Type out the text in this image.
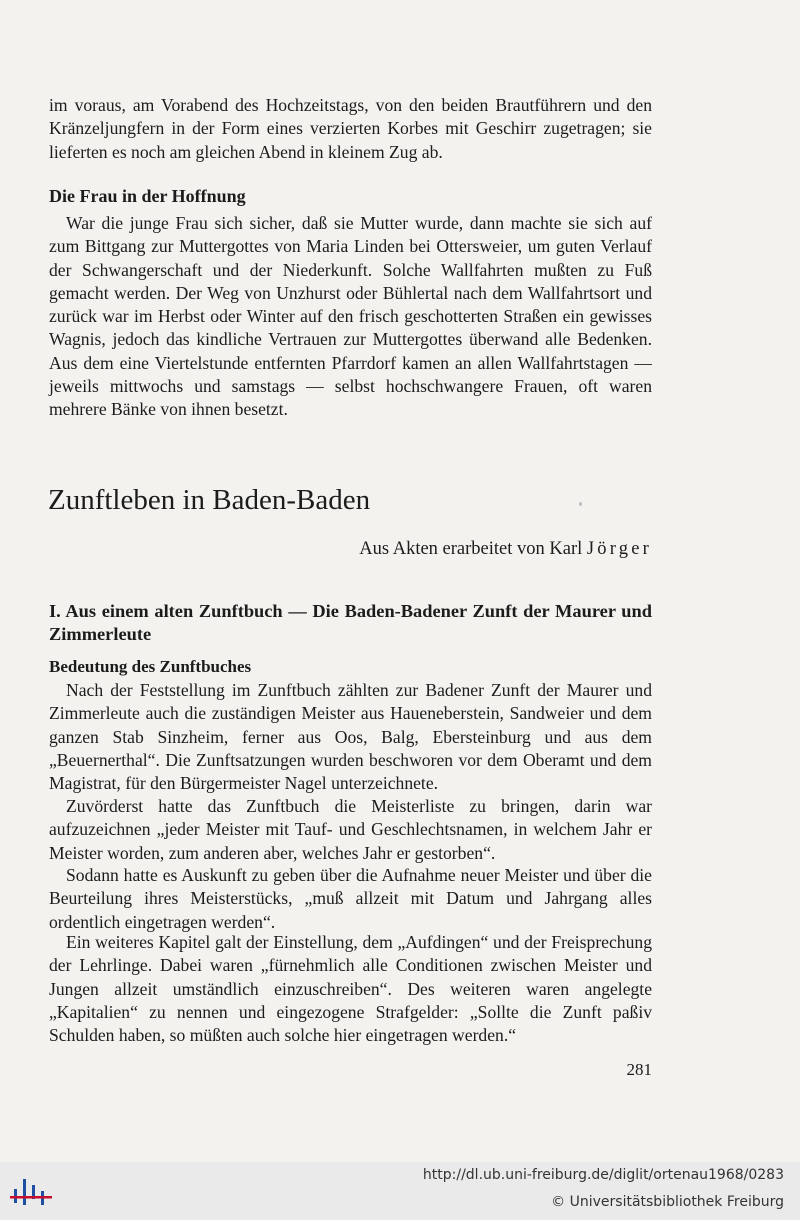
im voraus, am Vorabend des Hochzeitstags, von den beiden Brautführern und den Kränzeljungfern in der Form eines verzierten Korbes mit Geschirr zugetragen; sie lieferten es noch am gleichen Abend in kleinem Zug ab.

Die Frau in der Hoffnung

War die junge Frau sich sicher, daß sie Mutter wurde, dann machte sie sich auf zum Bittgang zur Muttergottes von Maria Linden bei Ottersweier, um guten Verlauf der Schwangerschaft und der Niederkunft. Solche Wallfahrten mußten zu Fuß gemacht werden. Der Weg von Unzhurst oder Bühlertal nach dem Wallfahrtsort und zurück war im Herbst oder Winter auf den frisch geschotterten Straßen ein gewisses Wagnis, jedoch das kindliche Vertrauen zur Muttergottes überwand alle Bedenken. Aus dem eine Viertelstunde entfernten Pfarrdorf kamen an allen Wallfahrtstagen — jeweils mittwochs und samstags — selbst hochschwangere Frauen, oft waren mehrere Bänke von ihnen besetzt.

Zunftleben in Baden-Baden
Aus Akten erarbeitet von Karl Jörger
I. Aus einem alten Zunftbuch — Die Baden-Badener Zunft der Maurer und Zimmerleute
Bedeutung des Zunftbuches

Nach der Feststellung im Zunftbuch zählten zur Badener Zunft der Maurer und Zimmerleute auch die zuständigen Meister aus Haueneberstein, Sandweier und dem ganzen Stab Sinzheim, ferner aus Oos, Balg, Ebersteinburg und aus dem „Beuernerthal“. Die Zunftsatzungen wurden beschworen vor dem Oberamt und dem Magistrat, für den Bürgermeister Nagel unterzeichnete.

Zuvörderst hatte das Zunftbuch die Meisterliste zu bringen, darin war aufzuzeichnen „jeder Meister mit Tauf- und Geschlechtsnamen, in welchem Jahr er Meister worden, zum anderen aber, welches Jahr er gestorben“.

Sodann hatte es Auskunft zu geben über die Aufnahme neuer Meister und über die Beurteilung ihres Meisterstücks, „muß allzeit mit Datum und Jahrgang alles ordentlich eingetragen werden“.

Ein weiteres Kapitel galt der Einstellung, dem „Aufdingen“ und der Freisprechung der Lehrlinge. Dabei waren „fürnehmlich alle Conditionen zwischen Meister und Jungen allzeit umständlich einzuschreiben“. Des weiteren waren angelegte „Kapitalien“ zu nennen und eingezogene Strafgelder: „Sollte die Zunft paßiv Schulden haben, so müßten auch solche hier eingetragen werden.“

281
http://dl.ub.uni-freiburg.de/diglit/ortenau1968/0283
© Universitätsbibliothek Freiburg
